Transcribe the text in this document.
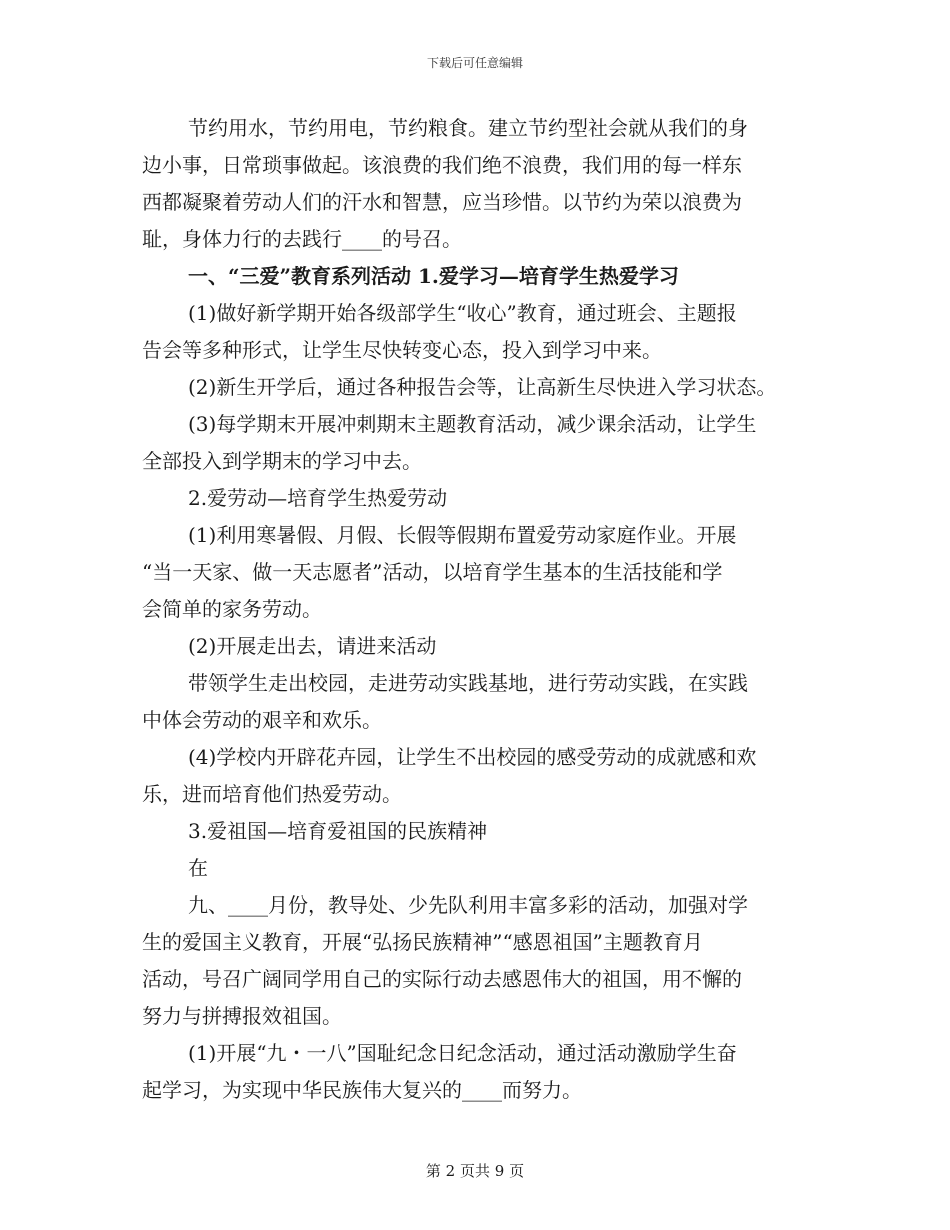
下载后可任意编辑
节约用水，节约用电，节约粮食。建立节约型社会就从我们的身
边小事，日常琐事做起。该浪费的我们绝不浪费，我们用的每一样东
西都凝聚着劳动人们的汗水和智慧，应当珍惜。以节约为荣以浪费为
耻，身体力行的去践行____的号召。
一、“三爱”教育系列活动 1.爱学习—培育学生热爱学习
(1)做好新学期开始各级部学生“收心”教育，通过班会、主题报
告会等多种形式，让学生尽快转变心态，投入到学习中来。
(2)新生开学后，通过各种报告会等，让高新生尽快进入学习状态。
(3)每学期末开展冲刺期末主题教育活动，减少课余活动，让学生
全部投入到学期末的学习中去。
2.爱劳动—培育学生热爱劳动
(1)利用寒暑假、月假、长假等假期布置爱劳动家庭作业。开展
“当一天家、做一天志愿者”活动，以培育学生基本的生活技能和学
会简单的家务劳动。
(2)开展走出去，请进来活动
带领学生走出校园，走进劳动实践基地，进行劳动实践，在实践
中体会劳动的艰辛和欢乐。
(4)学校内开辟花卉园，让学生不出校园的感受劳动的成就感和欢
乐，进而培育他们热爱劳动。
3.爱祖国—培育爱祖国的民族精神
在
九、____月份，教导处、少先队利用丰富多彩的活动，加强对学
生的爱国主义教育，开展“弘扬民族精神”“感恩祖国”主题教育月
活动，号召广阔同学用自己的实际行动去感恩伟大的祖国，用不懈的
努力与拼搏报效祖国。
(1)开展“九・一八”国耻纪念日纪念活动，通过活动激励学生奋
起学习，为实现中华民族伟大复兴的____而努力。
第 2 页共 9 页
